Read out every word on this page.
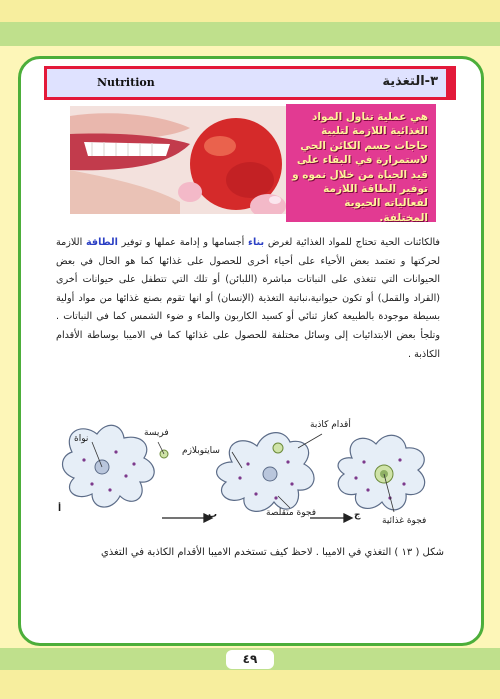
Nutrition	٣-التغذية

هي عملية تناول المواد الغذائية اللازمة لتلبية حاجات جسم الكائن الحي لاستمرارة في البقاء على قيد الحياة من خلال نموه و توفير الطاقة اللازمة لفعالياته الحيوية المختلفة.

فالكائنات الحية تحتاج للمواد الغذائية لغرض بناء أجسامها و إدامة عملها و توفير الطاقة اللازمة لحركتها و تعتمد بعض الأحياء على أحياء أخرى للحصول على غذائها كما هو الحال في بعض الحيوانات التي تتغذى على النباتات مباشرة (اللبائن) أو تلك التي تتطفل على حيوانات أخرى (القراد والقمل) أو تكون حيوانية،نباتية التغذية (الإنسان) أو انها تقوم بصنع غذائها من مواد أولية بسيطة موجودة بالطبيعة كغاز ثنائي أو كسيد الكاربون والماء و ضوء الشمس كما في النباتات . وتلجأ بعض الابتدائيات إلى وسائل مختلفة للحصول على غذائها كما في الاميبا بوساطة الأقدام الكاذبة .

نواة
فريسة
سايتوبلازم
أقدام كاذبة
فجوة متقلصة
فجوة غذائية
أ
ب	ج

شكل ( ١٣ ) التغذي في الاميبا . لاحظ كيف تستخدم الاميبا الأقدام الكاذبة في التغذي

٤٩
